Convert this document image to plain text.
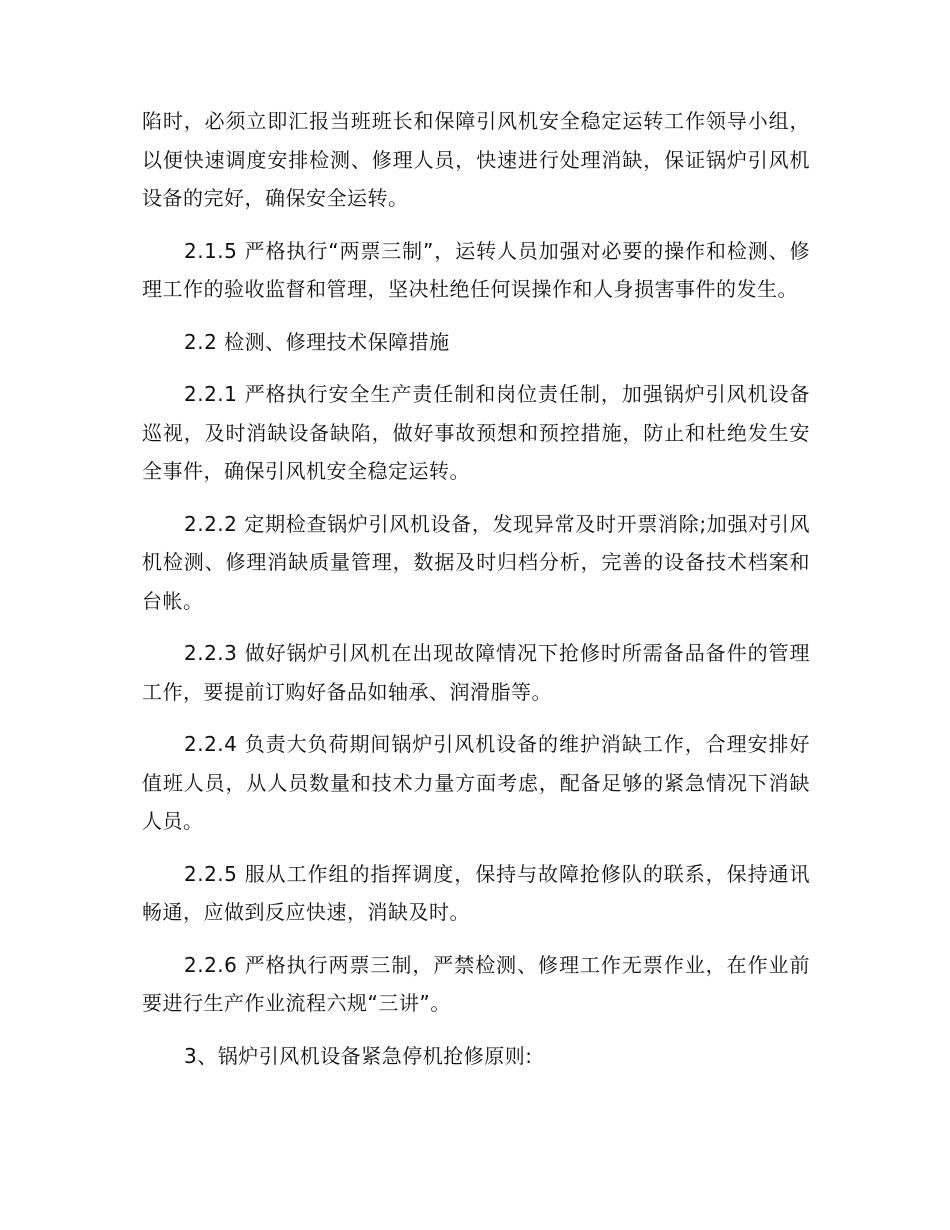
陷时，必须立即汇报当班班长和保障引风机安全稳定运转工作领导小组，以便快速调度安排检测、修理人员，快速进行处理消缺，保证锅炉引风机设备的完好，确保安全运转。

2.1.5 严格执行“两票三制”，运转人员加强对必要的操作和检测、修理工作的验收监督和管理，坚决杜绝任何误操作和人身损害事件的发生。

2.2 检测、修理技术保障措施

2.2.1 严格执行安全生产责任制和岗位责任制，加强锅炉引风机设备巡视，及时消缺设备缺陷，做好事故预想和预控措施，防止和杜绝发生安全事件，确保引风机安全稳定运转。

2.2.2 定期检查锅炉引风机设备，发现异常及时开票消除;加强对引风机检测、修理消缺质量管理，数据及时归档分析，完善的设备技术档案和台帐。

2.2.3 做好锅炉引风机在出现故障情况下抢修时所需备品备件的管理工作，要提前订购好备品如轴承、润滑脂等。

2.2.4 负责大负荷期间锅炉引风机设备的维护消缺工作，合理安排好值班人员，从人员数量和技术力量方面考虑，配备足够的紧急情况下消缺人员。

2.2.5 服从工作组的指挥调度，保持与故障抢修队的联系，保持通讯畅通，应做到反应快速，消缺及时。

2.2.6 严格执行两票三制，严禁检测、修理工作无票作业，在作业前要进行生产作业流程六规“三讲”。

3、锅炉引风机设备紧急停机抢修原则:
